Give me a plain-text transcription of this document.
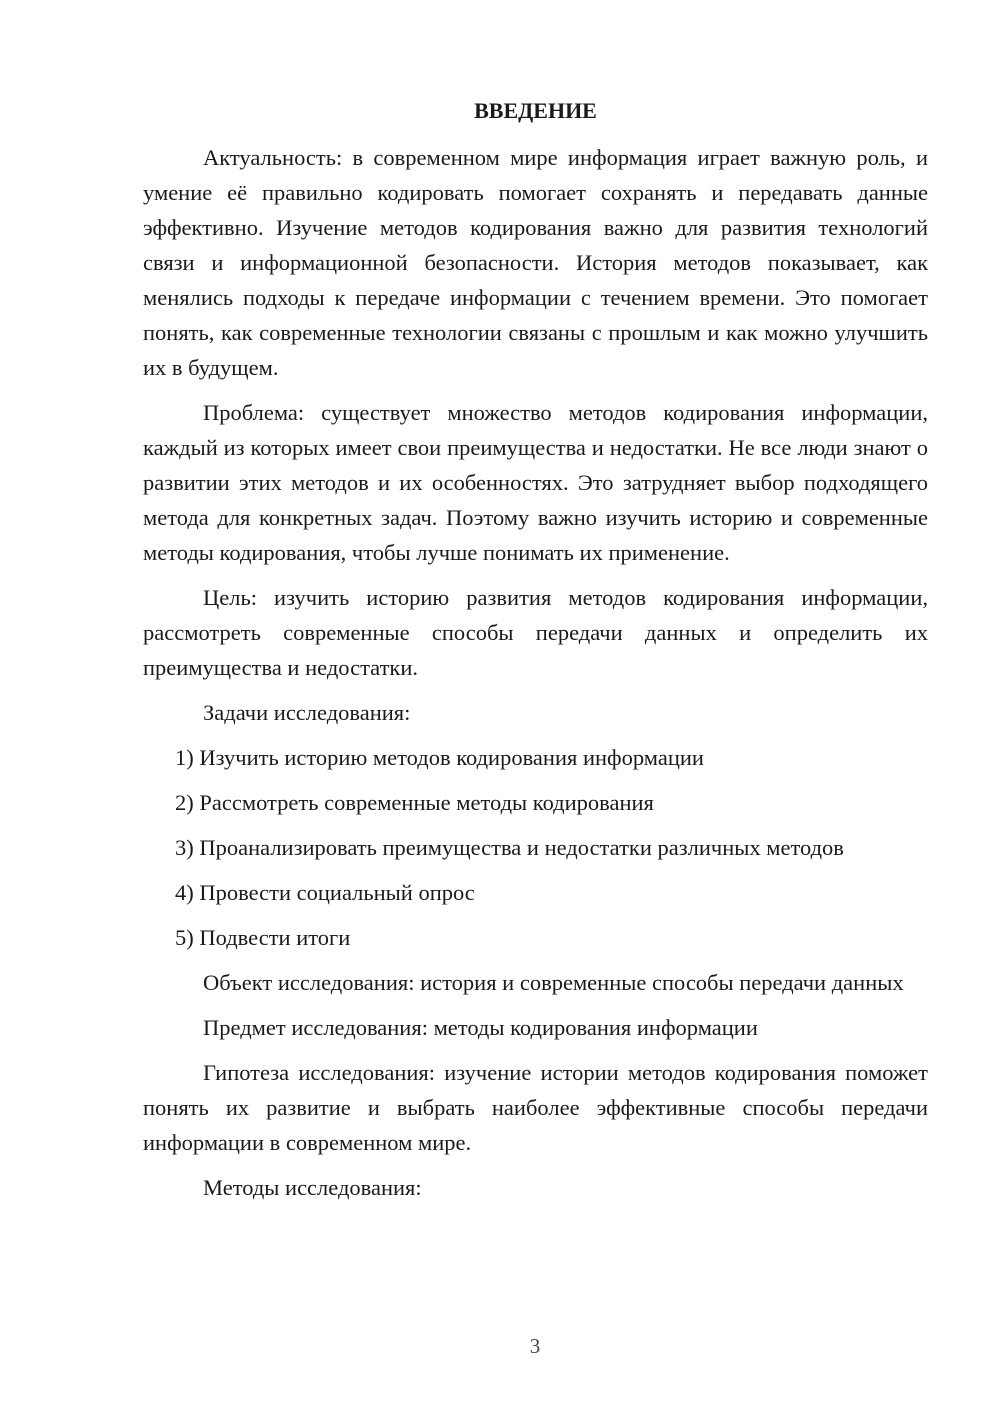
ВВЕДЕНИЕ

Актуальность: в современном мире информация играет важную роль, и умение её правильно кодировать помогает сохранять и передавать данные эффективно. Изучение методов кодирования важно для развития технологий связи и информационной безопасности. История методов показывает, как менялись подходы к передаче информации с течением времени. Это помогает понять, как современные технологии связаны с прошлым и как можно улучшить их в будущем.

Проблема: существует множество методов кодирования информации, каждый из которых имеет свои преимущества и недостатки. Не все люди знают о развитии этих методов и их особенностях. Это затрудняет выбор подходящего метода для конкретных задач. Поэтому важно изучить историю и современные методы кодирования, чтобы лучше понимать их применение.

Цель: изучить историю развития методов кодирования информации, рассмотреть современные способы передачи данных и определить их преимущества и недостатки.

Задачи исследования:

1) Изучить историю методов кодирования информации

2) Рассмотреть современные методы кодирования

3) Проанализировать преимущества и недостатки различных методов

4) Провести социальный опрос

5) Подвести итоги

Объект исследования: история и современные способы передачи данных

Предмет исследования: методы кодирования информации

Гипотеза исследования: изучение истории методов кодирования поможет понять их развитие и выбрать наиболее эффективные способы передачи информации в современном мире.

Методы исследования:

3
